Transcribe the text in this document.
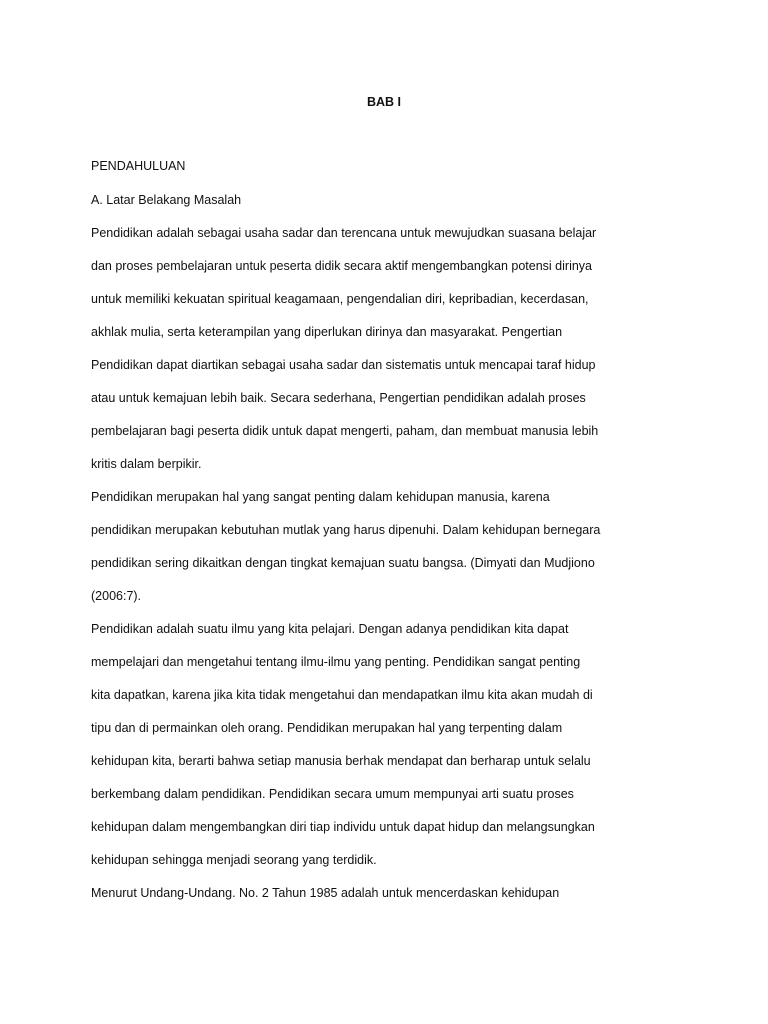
BAB I
PENDAHULUAN
A. Latar Belakang Masalah
Pendidikan adalah sebagai usaha sadar dan terencana untuk mewujudkan suasana belajar
dan proses pembelajaran untuk peserta didik secara aktif mengembangkan potensi dirinya
untuk memiliki kekuatan spiritual keagamaan, pengendalian diri, kepribadian, kecerdasan,
akhlak mulia, serta keterampilan yang diperlukan dirinya dan masyarakat. Pengertian
Pendidikan dapat diartikan sebagai usaha sadar dan sistematis untuk mencapai taraf hidup
atau untuk kemajuan lebih baik. Secara sederhana, Pengertian pendidikan adalah proses
pembelajaran bagi peserta didik untuk dapat mengerti, paham, dan membuat manusia lebih
kritis dalam berpikir.
Pendidikan merupakan hal yang sangat penting dalam kehidupan manusia, karena
pendidikan merupakan kebutuhan mutlak yang harus dipenuhi. Dalam kehidupan bernegara
pendidikan sering dikaitkan dengan tingkat kemajuan suatu bangsa. (Dimyati dan Mudjiono
(2006:7).
Pendidikan adalah suatu ilmu yang kita pelajari. Dengan adanya pendidikan kita dapat
mempelajari dan mengetahui tentang ilmu-ilmu yang penting. Pendidikan sangat penting
kita dapatkan, karena jika kita tidak mengetahui dan mendapatkan ilmu kita akan mudah di
tipu dan di permainkan oleh orang. Pendidikan merupakan hal yang terpenting dalam
kehidupan kita, berarti bahwa setiap manusia berhak mendapat dan berharap untuk selalu
berkembang dalam pendidikan. Pendidikan secara umum mempunyai arti suatu proses
kehidupan dalam mengembangkan diri tiap individu untuk dapat hidup dan melangsungkan
kehidupan sehingga menjadi seorang yang terdidik.
Menurut Undang-Undang. No. 2 Tahun 1985 adalah untuk mencerdaskan kehidupan
